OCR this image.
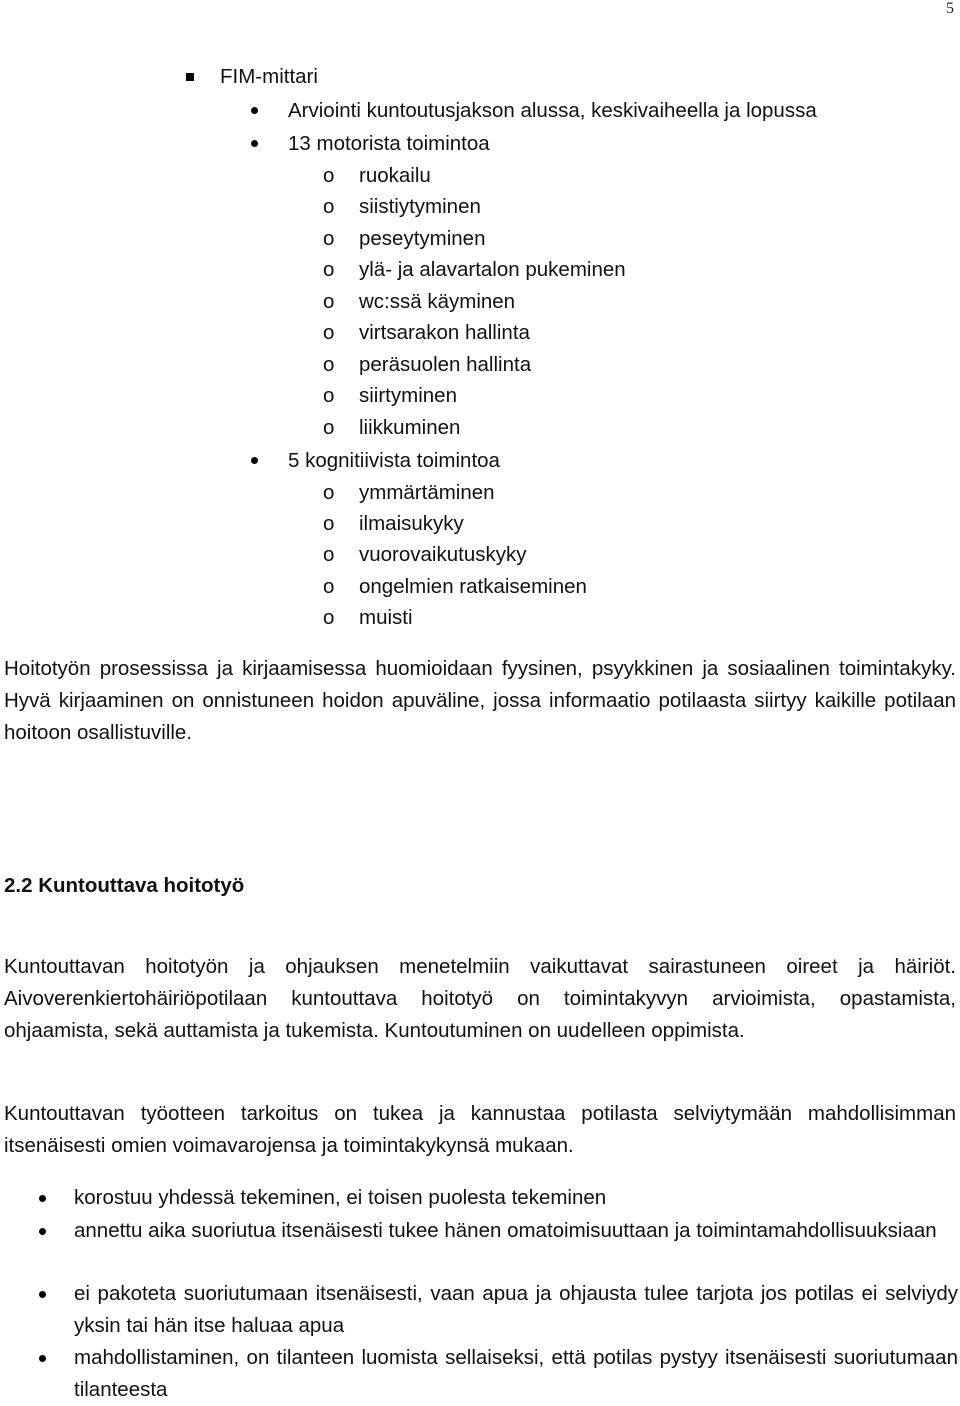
5
FIM-mittari
Arviointi kuntoutusjakson alussa, keskivaiheella ja lopussa
13 motorista toimintoa
o ruokailu
o siistiytyminen
o peseytyminen
o ylä- ja alavartalon pukeminen
o wc:ssä käyminen
o virtsarakon hallinta
o peräsuolen hallinta
o siirtyminen
o liikkuminen
5 kognitiivista toimintoa
o ymmärtäminen
o ilmaisukyky
o vuorovaikutuskyky
o ongelmien ratkaiseminen
o muisti
Hoitotyön prosessissa ja kirjaamisessa huomioidaan fyysinen, psyykkinen ja sosiaalinen toimintakyky. Hyvä kirjaaminen on onnistuneen hoidon apuväline, jossa informaatio potilaasta siirtyy kaikille potilaan hoitoon osallistuville.
2.2 Kuntouttava hoitotyö
Kuntouttavan hoitotyön ja ohjauksen menetelmiin vaikuttavat sairastuneen oireet ja häiriöt. Aivoverenkiertohäiriöpotilaan kuntouttava hoitotyö on toimintakyvyn arvioimista, opastamista, ohjaamista, sekä auttamista ja tukemista. Kuntoutuminen on uudelleen oppimista.
Kuntouttavan työotteen tarkoitus on tukea ja kannustaa potilasta selviytymään mahdollisimman itsenäisesti omien voimavarojensa ja toimintakykynsä mukaan.
korostuu yhdessä tekeminen, ei toisen puolesta tekeminen
annettu aika suoriutua itsenäisesti tukee hänen omatoimisuuttaan ja toimintamahdollisuuksiaan
ei pakoteta suoriutumaan itsenäisesti, vaan apua ja ohjausta tulee tarjota jos potilas ei selviydy yksin tai hän itse haluaa apua
mahdollistaminen, on tilanteen luomista sellaiseksi, että potilas pystyy itsenäisesti suoriutumaan tilanteesta
